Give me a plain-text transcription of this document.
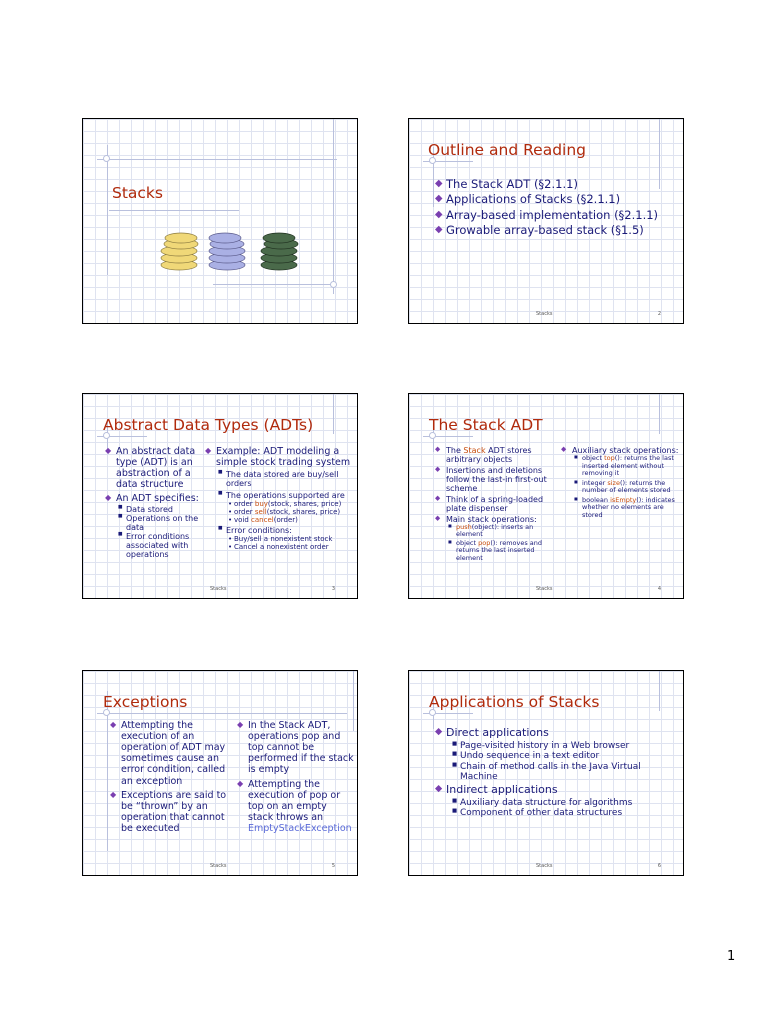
Stacks
Outline and Reading
◆ The Stack ADT (§2.1.1)
◆ Applications of Stacks (§2.1.1)
◆ Array-based implementation (§2.1.1)
◆ Growable array-based stack (§1.5)
Stacks	2
Abstract Data Types (ADTs)
◆ An abstract data type (ADT) is an abstraction of a data structure
◆ An ADT specifies:
■ Data stored
■ Operations on the data
■ Error conditions associated with operations
◆ Example: ADT modeling a simple stock trading system
■ The data stored are buy/sell orders
■ The operations supported are
• order buy(stock, shares, price)
• order sell(stock, shares, price)
• void cancel(order)
■ Error conditions:
• Buy/sell a nonexistent stock
• Cancel a nonexistent order
Stacks	3
The Stack ADT
◆ The Stack ADT stores arbitrary objects
◆ Insertions and deletions follow the last-in first-out scheme
◆ Think of a spring-loaded plate dispenser
◆ Main stack operations:
■ push(object): inserts an element
■ object pop(): removes and returns the last inserted element
◆ Auxiliary stack operations:
■ object top(): returns the last inserted element without removing it
■ integer size(): returns the number of elements stored
■ boolean isEmpty(): indicates whether no elements are stored
Stacks	4
Exceptions
◆ Attempting the execution of an operation of ADT may sometimes cause an error condition, called an exception
◆ Exceptions are said to be “thrown” by an operation that cannot be executed
◆ In the Stack ADT, operations pop and top cannot be performed if the stack is empty
◆ Attempting the execution of pop or top on an empty stack throws an EmptyStackException
Stacks	5
Applications of Stacks
◆ Direct applications
■ Page-visited history in a Web browser
■ Undo sequence in a text editor
■ Chain of method calls in the Java Virtual Machine
◆ Indirect applications
■ Auxiliary data structure for algorithms
■ Component of other data structures
Stacks	6
1
